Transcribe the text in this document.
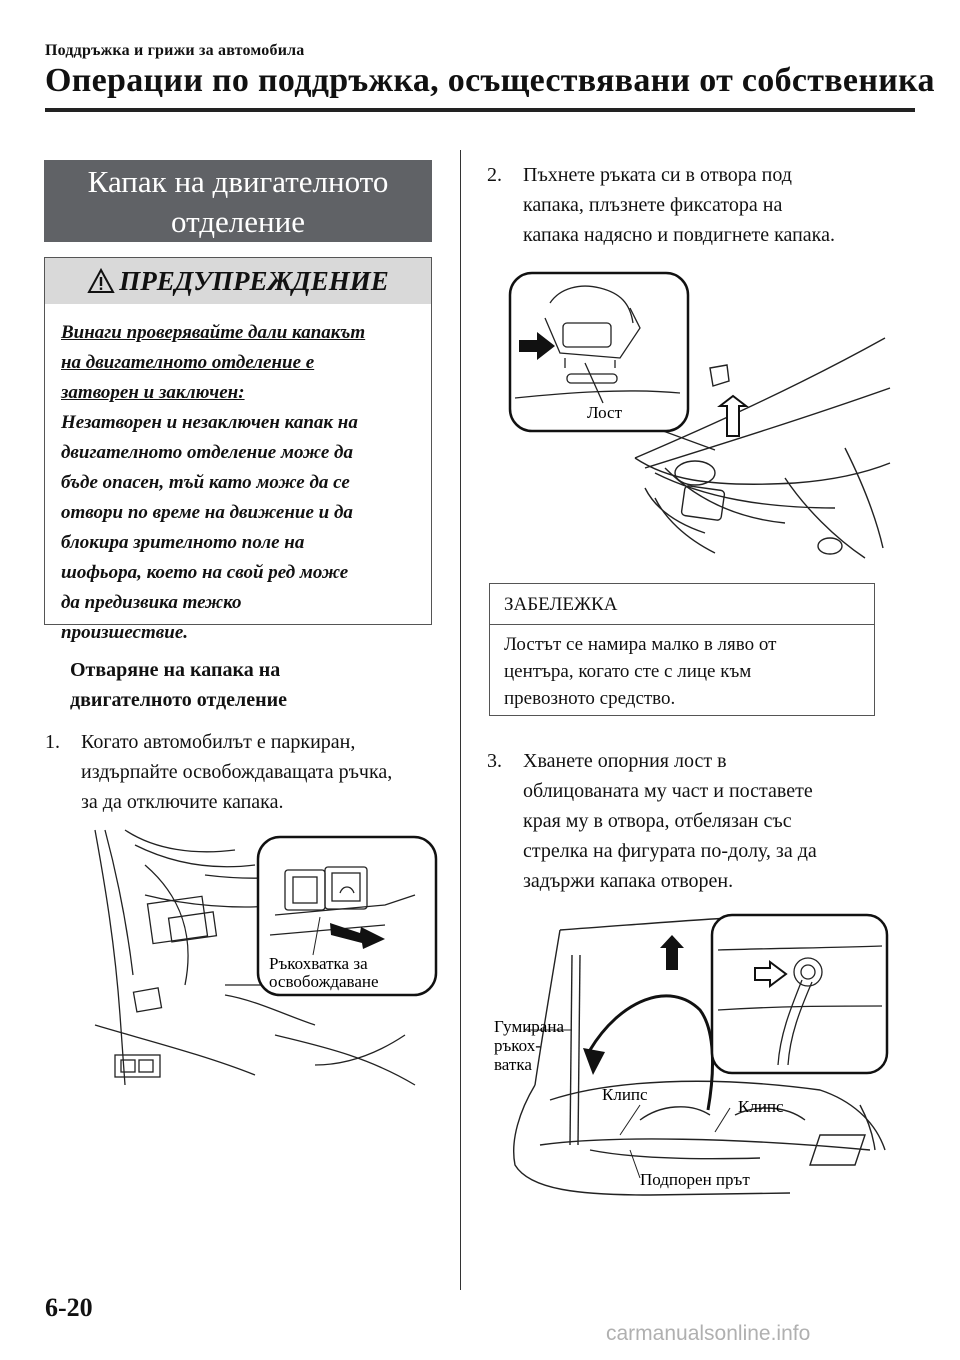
Поддръжка и грижи за автомобила
Операции по поддръжка, осъществявани от собственика
Капак на двигателното
отделение
ПРЕДУПРЕЖДЕНИЕ
Винаги проверявайте дали капакът
на двигателното отделение е
затворен и заключен:
Незатворен и незаключен капак на
двигателното отделение може да
бъде опасен, тъй като може да се
отвори по време на движение и да
блокира зрителното поле на
шофьора, което на свой ред може
да предизвика тежко
произшествие.
Отваряне на капака на
двигателното отделение
1. Когато автомобилът е паркиран,
издърпайте освобождаващата ръчка,
за да отключите капака.
Ръкохватка за
освобождаване
2. Пъхнете ръката си в отвора под
капака, плъзнете фиксатора на
капака надясно и повдигнете капака.
Лост
ЗАБЕЛЕЖКА
Лостът се намира малко в ляво от
центъра, когато сте с лице към
превозното средство.
3. Хванете опорния лост в
облицованата му част и поставете
края му в отвора, отбелязан със
стрелка на фигурата по-долу, за да
задържи капака отворен.
Гумирана
ръкох-
ватка
Клипс
Клипс
Подпорен прът
6-20
carmanualsonline.info
